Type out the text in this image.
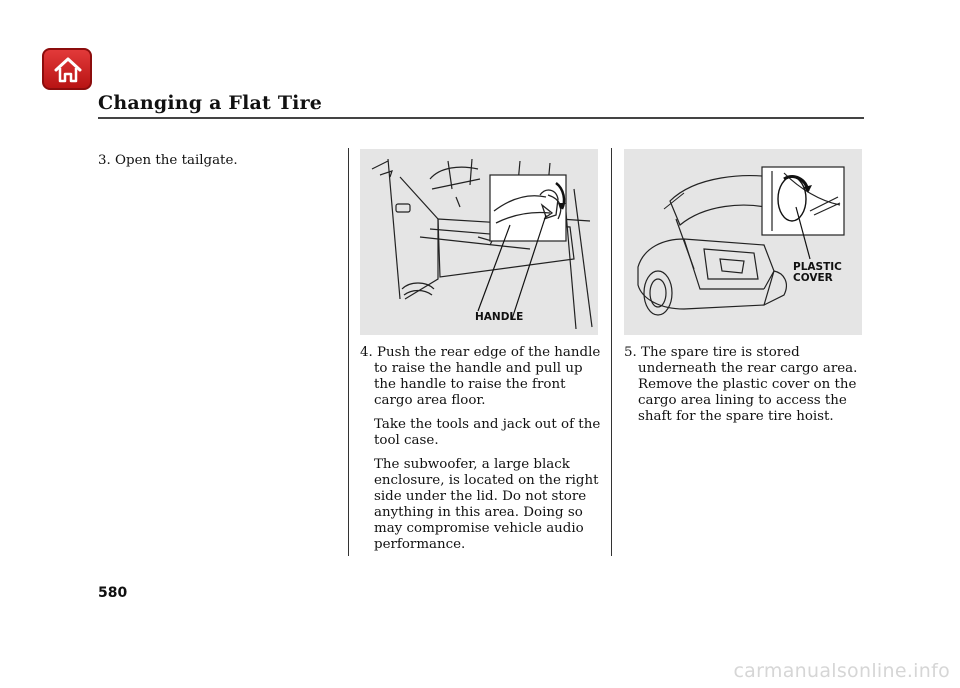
Changing a Flat Tire
3. Open the tailgate.
HANDLE
PLASTIC
COVER
4. Push the rear edge of the handle to raise the handle and pull up the handle to raise the front cargo area floor.
Take the tools and jack out of the tool case.
The subwoofer, a large black enclosure, is located on the right side under the lid. Do not store anything in this area. Doing so may compromise vehicle audio performance.
5. The spare tire is stored underneath the rear cargo area. Remove the plastic cover on the cargo area lining to access the shaft for the spare tire hoist.
580
carmanualsonline.info
